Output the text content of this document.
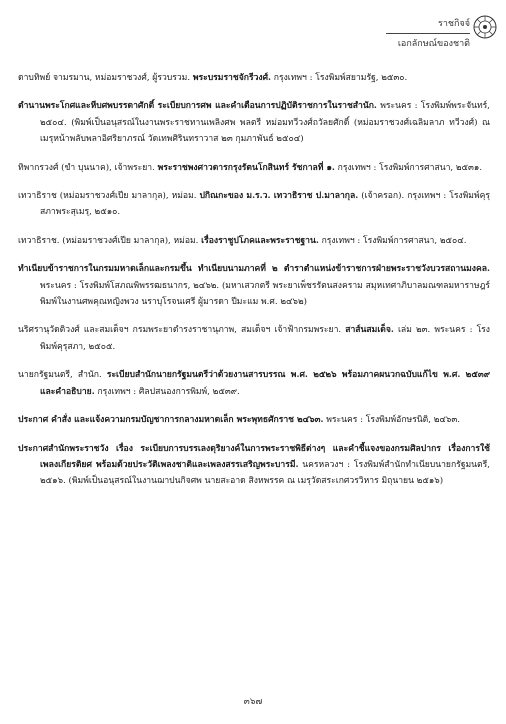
ราชกิจจ์
เอกลักษณ์ของชาติ

ดาบทิพย์ จามรมาน, หม่อมราชวงศ์, ผู้รวบรวม. พระบรมราชจักรีวงศ์. กรุงเทพฯ : โรงพิมพ์สยามรัฐ, ๒๕๓๐.

ตำนานพระโกศและหีบศพบรรดาศักดิ์ ระเบียบการศพ และคำเตือนการปฏิบัติราชการในราชสำนัก. พระนคร : โรงพิมพ์พระจันทร์, ๒๕๐๔. (พิมพ์เป็นอนุสรณ์ในงานพระราชทานเพลิงศพ พลตรี หม่อมทวีวงศ์ถวัลยศักดิ์ (หม่อมราชวงศ์เฉลิมลาภ ทวีวงศ์) ณ เมรุหน้าพลับพลาอิศริยาภรณ์ วัดเทพศิรินทราวาส ๒๓ กุมภาพันธ์ ๒๕๐๔)

ทิพากรวงศ์ (ขำ บุนนาค), เจ้าพระยา. พระราชพงศาวดารกรุงรัตนโกสินทร์ รัชกาลที่ ๑. กรุงเทพฯ : โรงพิมพ์การศาสนา, ๒๕๓๑.

เทวาธิราช (หม่อมราชวงศ์เปีย มาลากุล), หม่อม. ปกิณกะของ ม.ร.ว. เทวาธิราช ป.มาลากุล. (เจ้าครอก). กรุงเทพฯ : โรงพิมพ์คุรุสภาพระสุเมรุ, ๒๕๑๐.

เทวาธิราช. (หม่อมราชวงศ์เปีย มาลากุล), หม่อม. เรื่องราชูปโภคและพระราชฐาน. กรุงเทพฯ : โรงพิมพ์การศาสนา, ๒๕๐๔.

ทำเนียบข้าราชการในกรมมหาดเล็กและกรมขึ้น ทำเนียบนามภาคที่ ๒ ตำราตำแหน่งข้าราชการฝ่ายพระราชวังบวรสถานมงคล. พระนคร : โรงพิมพ์โสภณพิพรรฒธนากร, ๒๔๖๒. (มหาเสวกตรี พระยาเพ็ชรรัตนสงคราม สมุหเทศาภิบาลมณฑลมหาราษฎร์ พิมพ์ในงานศพคุณหญิงพวง นราบุโรจนเศรี ผู้มารดา ปีมะแม พ.ศ. ๒๔๖๒)

นริศรานุวัดติวงศ์ และสมเด็จฯ กรมพระยาดำรงราชานุภาพ, สมเด็จฯ เจ้าฟ้ากรมพระยา. สาส์นสมเด็จ. เล่ม ๒๓. พระนคร : โรงพิมพ์คุรุสภา, ๒๕๐๕.

นายกรัฐมนตรี, สำนัก. ระเบียบสำนักนายกรัฐมนตรีว่าด้วยงานสารบรรณ พ.ศ. ๒๕๒๖ พร้อมภาคผนวกฉบับแก้ไข พ.ศ. ๒๕๓๙ และคำอธิบาย. กรุงเทพฯ : ศิลปสนองการพิมพ์, ๒๕๓๙.

ประกาศ คำสั่ง และแจ้งความกรมบัญชาการกลางมหาดเล็ก พระพุทธศักราช ๒๔๖๓. พระนคร : โรงพิมพ์อักษรนิติ, ๒๔๖๓.

ประกาศสำนักพระราชวัง เรื่อง ระเบียบการบรรเลงดุริยางค์ในการพระราชพิธีต่างๆ และคำชี้แจงของกรมศิลปากร เรื่องการใช้เพลงเกียรติยศ พร้อมด้วยประวัติเพลงชาติและเพลงสรรเสริญพระบารมี. นครหลวงฯ : โรงพิมพ์สำนักทำเนียบนายกรัฐมนตรี, ๒๕๑๖. (พิมพ์เป็นอนุสรณ์ในงานฌาปนกิจศพ นายสะอาด สิงหพรรค ณ เมรุวัดสระเกศวรวิหาร มิถุนายน ๒๕๑๖)

๓๖๗
